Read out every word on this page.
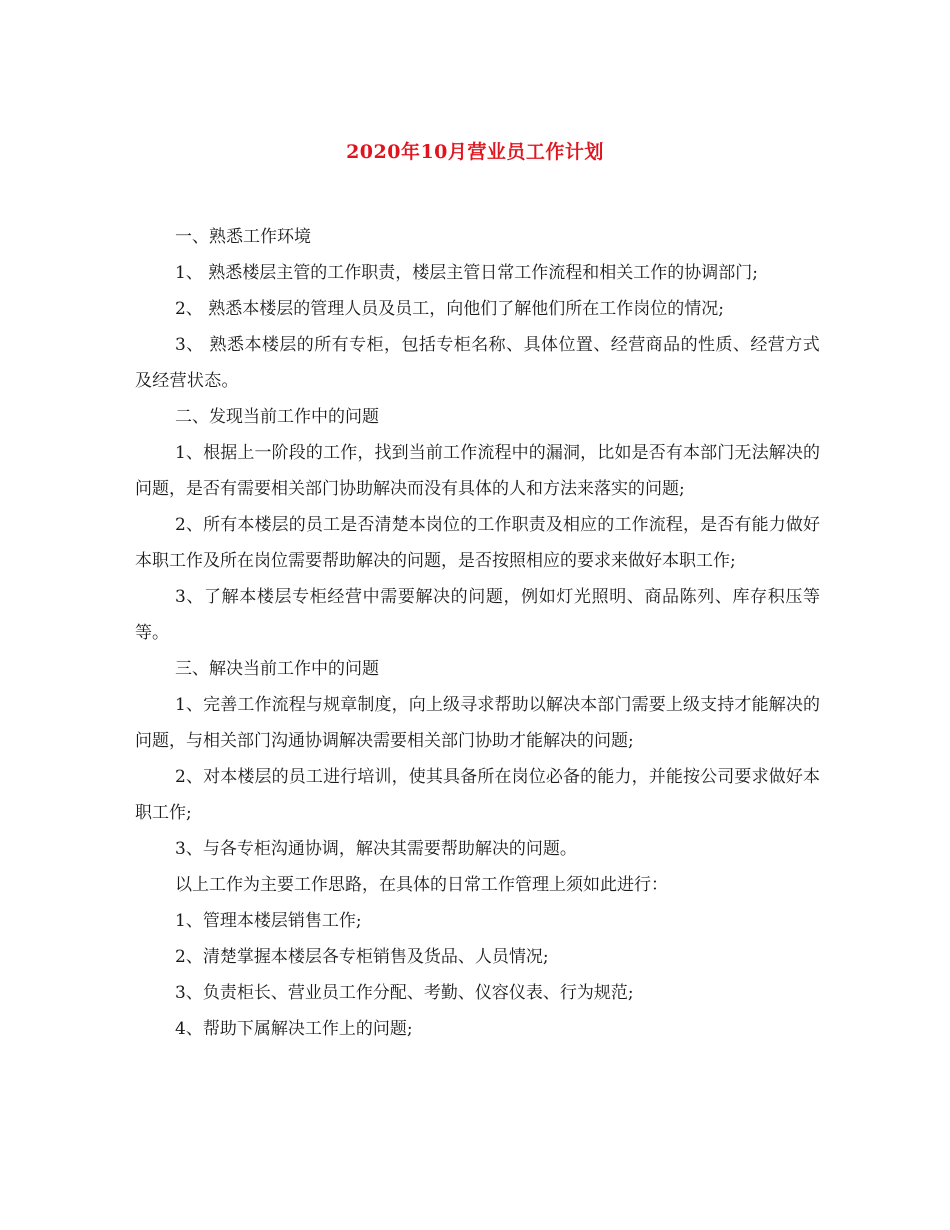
2020年10月营业员工作计划

一、熟悉工作环境

1、 熟悉楼层主管的工作职责，楼层主管日常工作流程和相关工作的协调部门;

2、 熟悉本楼层的管理人员及员工，向他们了解他们所在工作岗位的情况;

3、 熟悉本楼层的所有专柜，包括专柜名称、具体位置、经营商品的性质、经营方式及经营状态。

二、发现当前工作中的问题

1、根据上一阶段的工作，找到当前工作流程中的漏洞，比如是否有本部门无法解决的问题，是否有需要相关部门协助解决而没有具体的人和方法来落实的问题;

2、所有本楼层的员工是否清楚本岗位的工作职责及相应的工作流程，是否有能力做好本职工作及所在岗位需要帮助解决的问题，是否按照相应的要求来做好本职工作;

3、了解本楼层专柜经营中需要解决的问题，例如灯光照明、商品陈列、库存积压等等。

三、解决当前工作中的问题

1、完善工作流程与规章制度，向上级寻求帮助以解决本部门需要上级支持才能解决的问题，与相关部门沟通协调解决需要相关部门协助才能解决的问题;

2、对本楼层的员工进行培训，使其具备所在岗位必备的能力，并能按公司要求做好本职工作;

3、与各专柜沟通协调，解决其需要帮助解决的问题。

以上工作为主要工作思路，在具体的日常工作管理上须如此进行：

1、管理本楼层销售工作;

2、清楚掌握本楼层各专柜销售及货品、人员情况;

3、负责柜长、营业员工作分配、考勤、仪容仪表、行为规范;

4、帮助下属解决工作上的问题;
